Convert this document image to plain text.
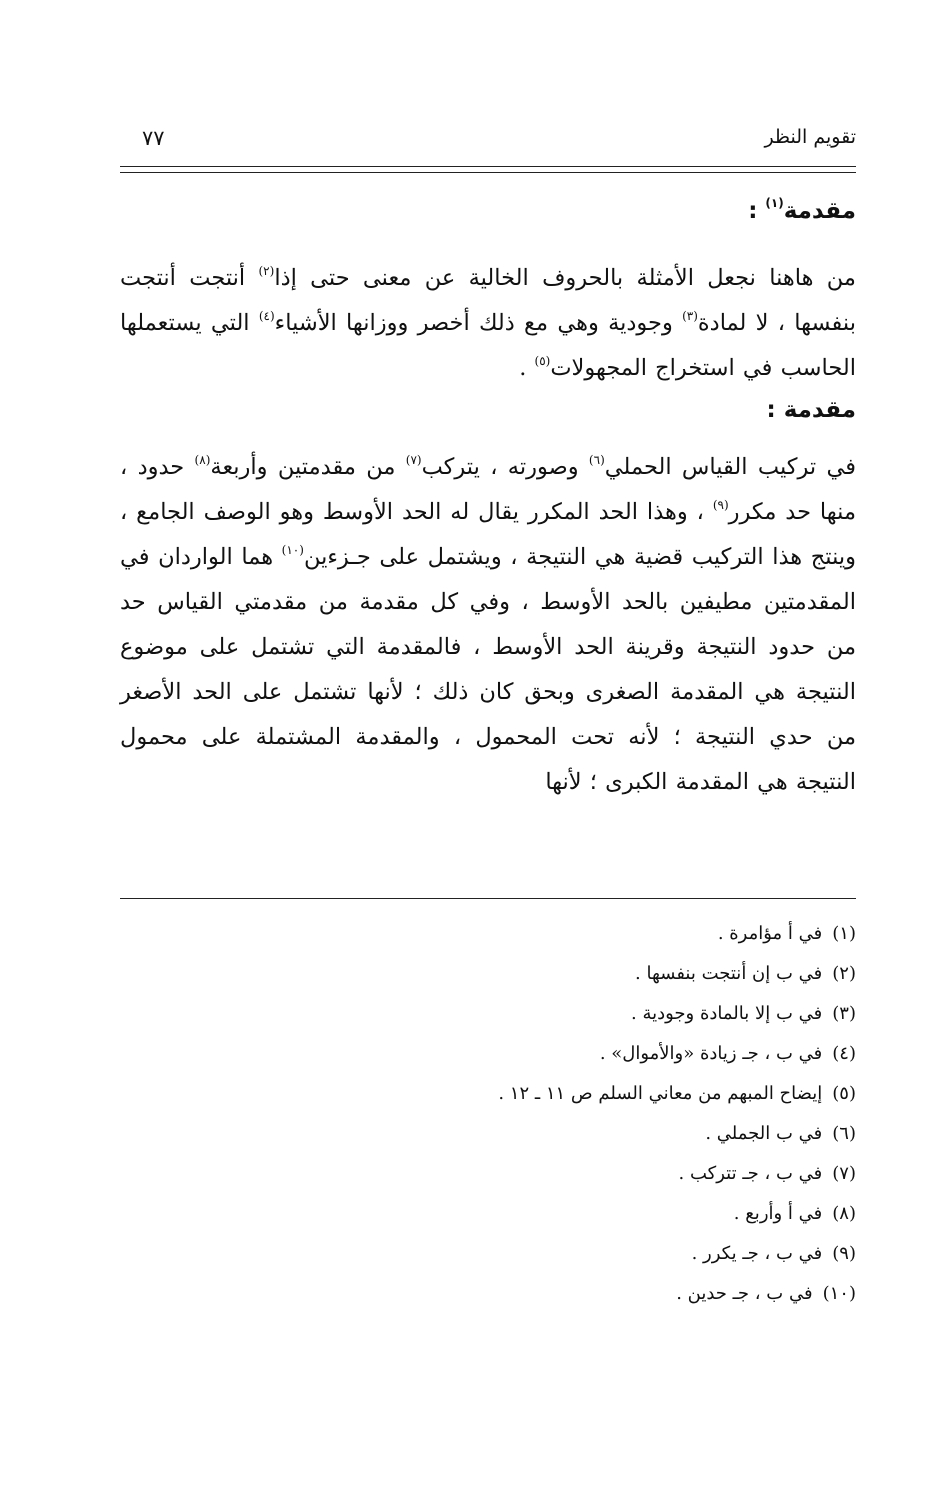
تقويم النظر
٧٧

مقدمة$^{(١)}$ :

من هاهنا نجعل الأمثلة بالحروف الخالية عن معنى حتى إذا$^{(٢)}$ أنتجت أنتجت بنفسها ، لا لمادة$^{(٣)}$ وجودية وهي مع ذلك أخصر ووزانها الأشياء$^{(٤)}$ التي يستعملها الحاسب في استخراج المجهولات$^{(٥)}$ .

مقدمة :

في تركيب القياس الحملي$^{(٦)}$ وصورته ، يتركب$^{(٧)}$ من مقدمتين وأربعة$^{(٨)}$ حدود ، منها حد مكرر$^{(٩)}$ ، وهذا الحد المكرر يقال له الحد الأوسط وهو الوصف الجامع ، وينتج هذا التركيب قضية هي النتيجة ، ويشتمل على جـزءين$^{(١٠)}$ هما الواردان في المقدمتين مطيفين بالحد الأوسط ، وفي كل مقدمة من مقدمتي القياس حد من حدود النتيجة وقرينة الحد الأوسط ، فالمقدمة التي تشتمل على موضوع النتيجة هي المقدمة الصغرى وبحق كان ذلك ؛ لأنها تشتمل على الحد الأصغر من حدي النتيجة ؛ لأنه تحت المحمول ، والمقدمة المشتملة على محمول النتيجة هي المقدمة الكبرى ؛ لأنها

(١)في أ مؤامرة .
(٢)في ب إن أنتجت بنفسها .
(٣)في ب إلا بالمادة وجودية .
(٤)في ب ، جـ زيادة «والأموال» .
(٥)إيضاح المبهم من معاني السلم ص ١١ ـ ١٢ .
(٦)في ب الجملي .
(٧)في ب ، جـ تتركب .
(٨)في أ وأربع .
(٩)في ب ، جـ يكرر .
(١٠)في ب ، جـ حدين .
